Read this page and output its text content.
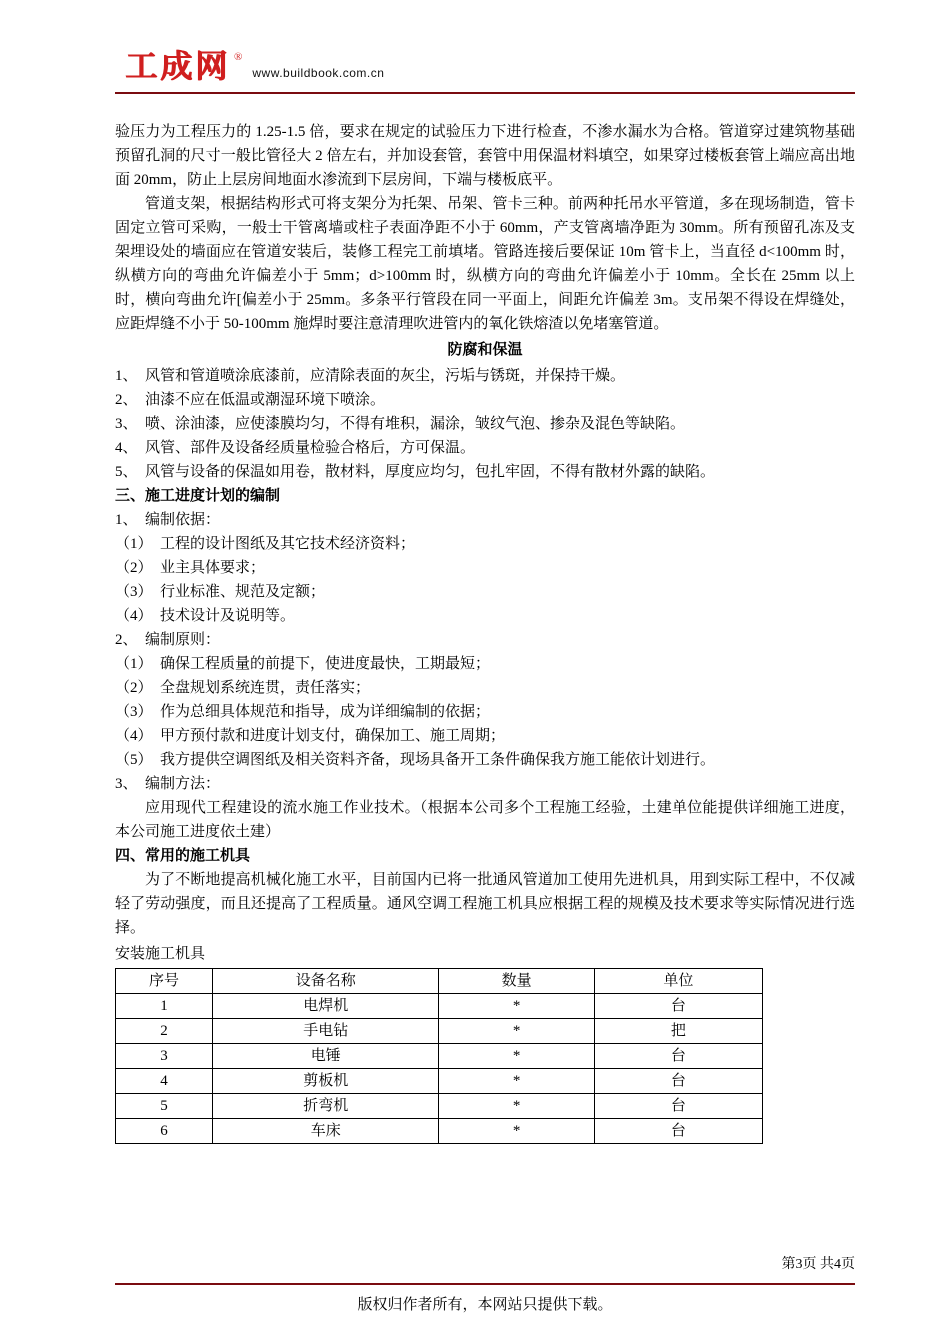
工成网 ®
www.buildbook.com.cn

验压力为工程压力的 1.25-1.5 倍，要求在规定的试验压力下进行检查，不渗水漏水为合格。管道穿过建筑物基础预留孔洞的尺寸一般比管径大 2 倍左右，并加设套管，套管中用保温材料填空，如果穿过楼板套管上端应高出地面 20mm，防止上层房间地面水渗流到下层房间，下端与楼板底平。

管道支架，根据结构形式可将支架分为托架、吊架、管卡三种。前两种托吊水平管道，多在现场制造，管卡固定立管可采购，一般士干管离墙或柱子表面净距不小于 60mm，产支管离墙净距为 30mm。所有预留孔冻及支架埋设处的墙面应在管道安装后，装修工程完工前填堵。管路连接后要保证 10m 管卡上，当直径 d<100mm 时，纵横方向的弯曲允许偏差小于 5mm；d>100mm 时，纵横方向的弯曲允许偏差小于 10mm。全长在 25mm 以上时，横向弯曲允许[偏差小于 25mm。多条平行管段在同一平面上，间距允许偏差 3m。支吊架不得设在焊缝处，应距焊缝不小于 50-100mm 施焊时要注意清理吹进管内的氧化铁熔渣以免堵塞管道。

防腐和保温

1、　风管和管道喷涂底漆前，应清除表面的灰尘，污垢与锈斑，并保持干燥。

2、　油漆不应在低温或潮湿环境下喷涂。

3、　喷、涂油漆，应使漆膜均匀，不得有堆积，漏涂，皱纹气泡、掺杂及混色等缺陷。

4、　风管、部件及设备经质量检验合格后，方可保温。

5、　风管与设备的保温如用卷，散材料，厚度应均匀，包扎牢固，不得有散材外露的缺陷。

三、施工进度计划的编制

1、　编制依据：

（1）　工程的设计图纸及其它技术经济资料；

（2）　业主具体要求；

（3）　行业标准、规范及定额；

（4）　技术设计及说明等。

2、　编制原则：

（1）　确保工程质量的前提下，使进度最快，工期最短；

（2）　全盘规划系统连贯，责任落实；

（3）　作为总细具体规范和指导，成为详细编制的依据；

（4）　甲方预付款和进度计划支付，确保加工、施工周期；

（5）　我方提供空调图纸及相关资料齐备，现场具备开工条件确保我方施工能依计划进行。

3、　编制方法：

应用现代工程建设的流水施工作业技术。（根据本公司多个工程施工经验，土建单位能提供详细施工进度，本公司施工进度依土建）

四、常用的施工机具

为了不断地提高机械化施工水平，目前国内已将一批通风管道加工使用先进机具，用到实际工程中，不仅减轻了劳动强度，而且还提高了工程质量。通风空调工程施工机具应根据工程的规模及技术要求等实际情况进行选择。

安装施工机具

序号	设备名称	数量	单位
1	电焊机	*	台
2	手电钻	*	把
3	电锤	*	台
4	剪板机	*	台
5	折弯机	*	台
6	车床	*	台
第3页 共4页
版权归作者所有，本网站只提供下载。
